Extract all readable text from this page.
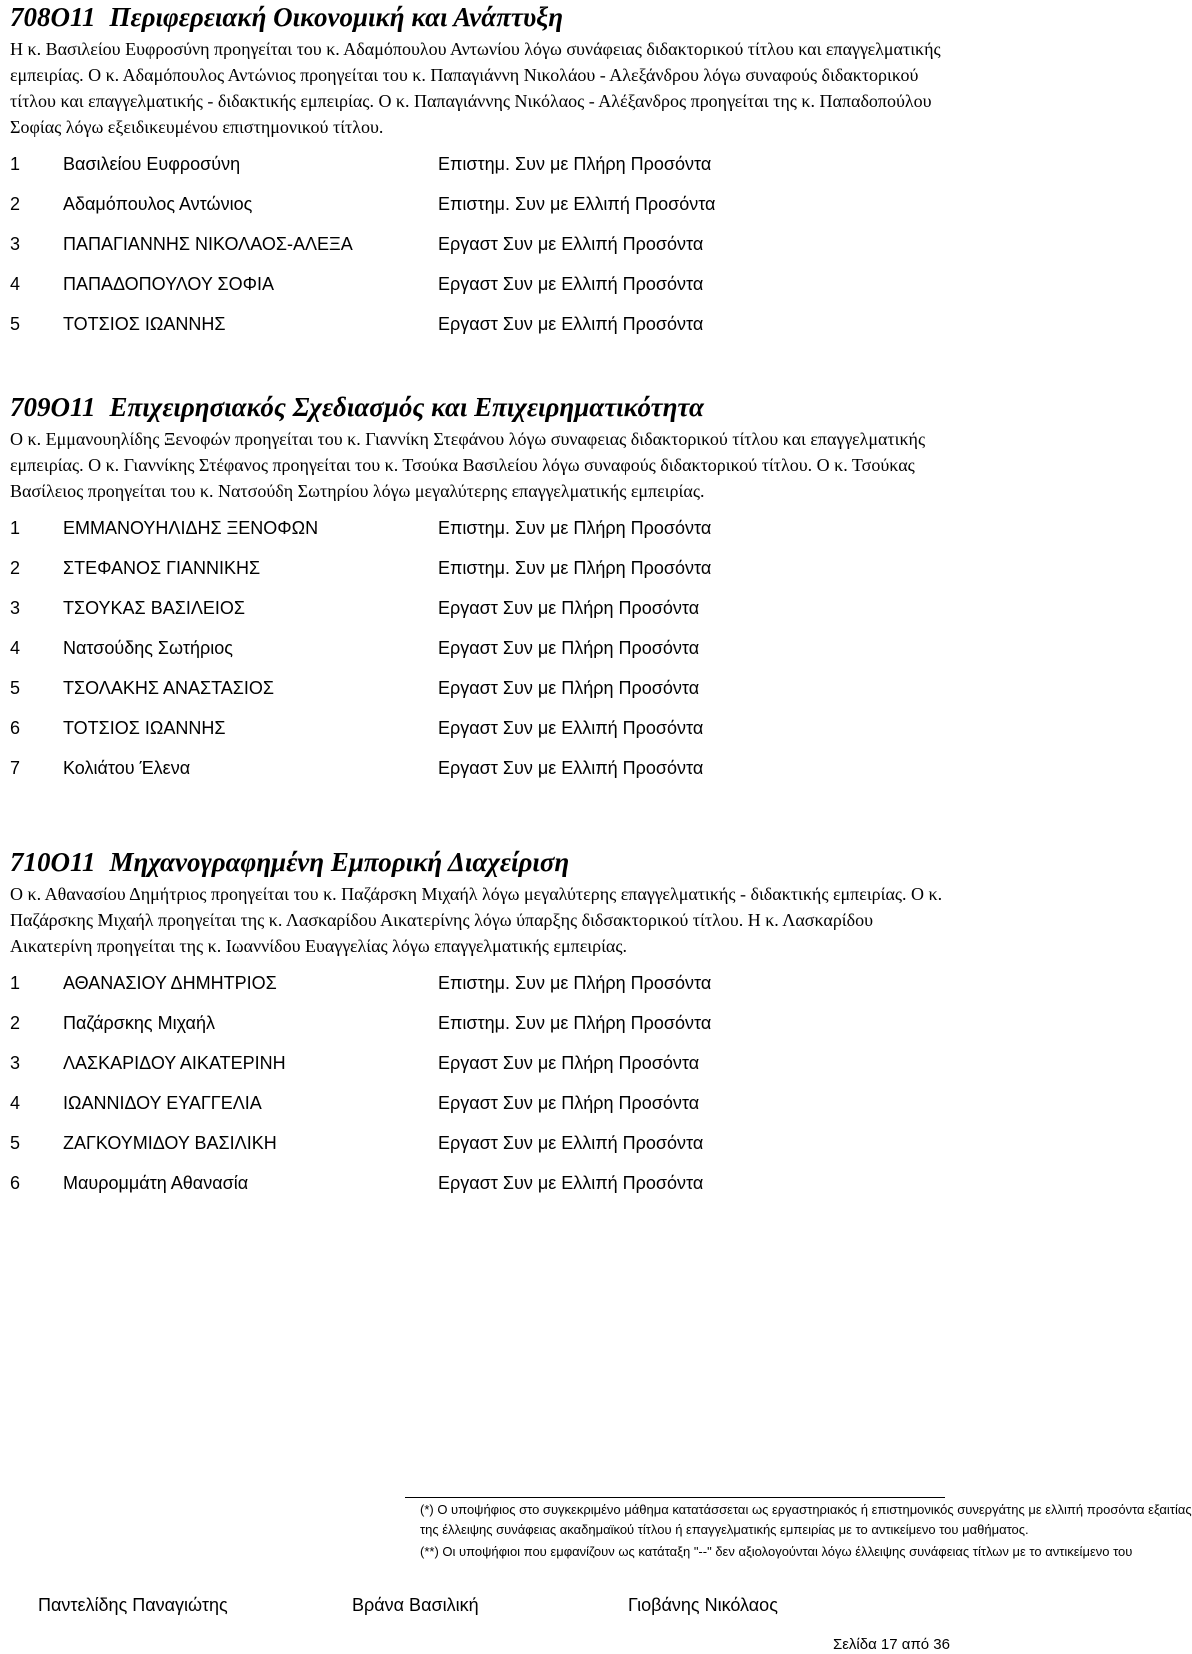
708Ο11 Περιφερειακή Οικονομική και Ανάπτυξη

Η κ. Βασιλείου Ευφροσύνη προηγείται του κ. Αδαμόπουλου Αντωνίου λόγω συνάφειας διδακτορικού τίτλου και επαγγελματικής εμπειρίας. Ο κ. Αδαμόπουλος Αντώνιος προηγείται του κ. Παπαγιάννη Νικολάου - Αλεξάνδρου λόγω συναφούς διδακτορικού τίτλου και επαγγελματικής - διδακτικής εμπειρίας. Ο κ. Παπαγιάννης Νικόλαος - Αλέξανδρος προηγείται της κ. Παπαδοπούλου Σοφίας λόγω εξειδικευμένου επιστημονικού τίτλου.

1	Βασιλείου Ευφροσύνη	Επιστημ. Συν με Πλήρη Προσόντα
2	Αδαμόπουλος Αντώνιος	Επιστημ. Συν με Ελλιπή Προσόντα
3	ΠΑΠΑΓΙΑΝΝΗΣ ΝΙΚΟΛΑΟΣ-ΑΛΕΞΑ	Εργαστ Συν με Ελλιπή Προσόντα
4	ΠΑΠΑΔΟΠΟΥΛΟΥ ΣΟΦΙΑ	Εργαστ Συν με Ελλιπή Προσόντα
5	ΤΟΤΣΙΟΣ ΙΩΑΝΝΗΣ	Εργαστ Συν με Ελλιπή Προσόντα
709Ο11 Επιχειρησιακός Σχεδιασμός και Επιχειρηματικότητα

Ο κ. Εμμανουηλίδης Ξενοφών προηγείται του κ. Γιαννίκη Στεφάνου λόγω συναφειας διδακτορικού τίτλου και επαγγελματικής εμπειρίας. Ο κ. Γιαννίκης Στέφανος προηγείται του κ. Τσούκα Βασιλείου λόγω συναφούς διδακτορικού τίτλου. Ο κ. Τσούκας Βασίλειος προηγείται του κ. Νατσούδη Σωτηρίου λόγω μεγαλύτερης επαγγελματικής εμπειρίας.

1	ΕΜΜΑΝΟΥΗΛΙΔΗΣ ΞΕΝΟΦΩΝ	Επιστημ. Συν με Πλήρη Προσόντα
2	ΣΤΕΦΑΝΟΣ ΓΙΑΝΝΙΚΗΣ	Επιστημ. Συν με Πλήρη Προσόντα
3	ΤΣΟΥΚΑΣ ΒΑΣΙΛΕΙΟΣ	Εργαστ Συν με Πλήρη Προσόντα
4	Νατσούδης Σωτήριος	Εργαστ Συν με Πλήρη Προσόντα
5	ΤΣΟΛΑΚΗΣ ΑΝΑΣΤΑΣΙΟΣ	Εργαστ Συν με Πλήρη Προσόντα
6	ΤΟΤΣΙΟΣ ΙΩΑΝΝΗΣ	Εργαστ Συν με Ελλιπή Προσόντα
7	Κολιάτου Έλενα	Εργαστ Συν με Ελλιπή Προσόντα
710Ο11 Μηχανογραφημένη Εμπορική Διαχείριση

Ο κ. Αθανασίου Δημήτριος προηγείται του κ. Παζάρσκη Μιχαήλ λόγω μεγαλύτερης επαγγελματικής - διδακτικής εμπειρίας. Ο κ. Παζάρσκης Μιχαήλ προηγείται της κ. Λασκαρίδου Αικατερίνης λόγω ύπαρξης διδσακτορικού τίτλου. Η κ. Λασκαρίδου Αικατερίνη προηγείται της κ. Ιωαννίδου Ευαγγελίας λόγω επαγγελματικής εμπειρίας.

1	ΑΘΑΝΑΣΙΟΥ ΔΗΜΗΤΡΙΟΣ	Επιστημ. Συν με Πλήρη Προσόντα
2	Παζάρσκης Μιχαήλ	Επιστημ. Συν με Πλήρη Προσόντα
3	ΛΑΣΚΑΡΙΔΟΥ ΑΙΚΑΤΕΡΙΝΗ	Εργαστ Συν με Πλήρη Προσόντα
4	ΙΩΑΝΝΙΔΟΥ ΕΥΑΓΓΕΛΙΑ	Εργαστ Συν με Πλήρη Προσόντα
5	ΖΑΓΚΟΥΜΙΔΟΥ ΒΑΣΙΛΙΚΗ	Εργαστ Συν με Ελλιπή Προσόντα
6	Μαυρομμάτη Αθανασία	Εργαστ Συν με Ελλιπή Προσόντα
(*) Ο υποψήφιος στο συγκεκριμένο μάθημα κατατάσσεται ως εργαστηριακός ή επιστημονικός συνεργάτης με ελλιπή προσόντα εξαιτίας
της έλλειψης συνάφειας ακαδημαϊκού τίτλου ή επαγγελματικής εμπειρίας με το αντικείμενο του μαθήματος.
(**) Οι υποψήφιοι που εμφανίζουν ως κατάταξη "--" δεν αξιολογούνται λόγω έλλειψης συνάφειας τίτλων με το αντικείμενο του
Παντελίδης Παναγιώτης	Βράνα Βασιλική	Γιοβάνης Νικόλαος
Σελίδα 17 από 36
